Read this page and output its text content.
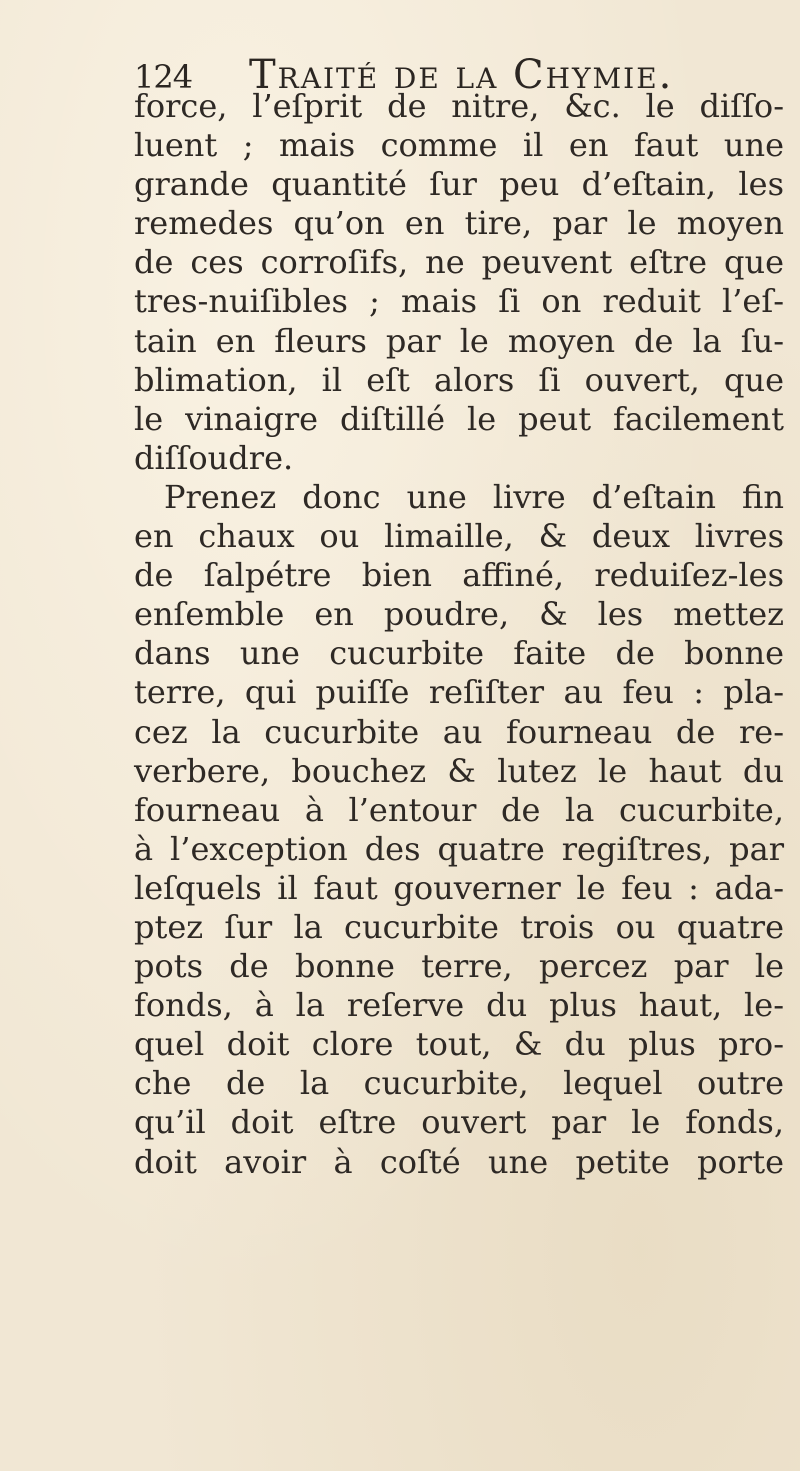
124 Traité de la Chymie.
force, l’eſprit de nitre, &c. le diſſo-
luent ; mais comme il en faut une
grande quantité ſur peu d’eſtain, les
remedes qu’on en tire, par le moyen
de ces corroſifs, ne peuvent eſtre que
tres-nuiſibles ; mais ſi on reduit l’eſ-
tain en fleurs par le moyen de la ſu-
blimation, il eſt alors ſi ouvert, que
le vinaigre diſtillé le peut facilement
diſſoudre.
Prenez donc une livre d’eſtain fin
en chaux ou limaille, & deux livres
de ſalpétre bien affiné, reduiſez-les
enſemble en poudre, & les mettez
dans une cucurbite faite de bonne
terre, qui puiſſe reſiſter au feu : pla-
cez la cucurbite au fourneau de re-
verbere, bouchez & lutez le haut du
fourneau à l’entour de la cucurbite,
à l’exception des quatre regiſtres, par
leſquels il faut gouverner le feu : ada-
ptez ſur la cucurbite trois ou quatre
pots de bonne terre, percez par le
fonds, à la reſerve du plus haut, le-
quel doit clore tout, & du plus pro-
che de la cucurbite, lequel outre
qu’il doit eſtre ouvert par le fonds,
doit avoir à coſté une petite porte
